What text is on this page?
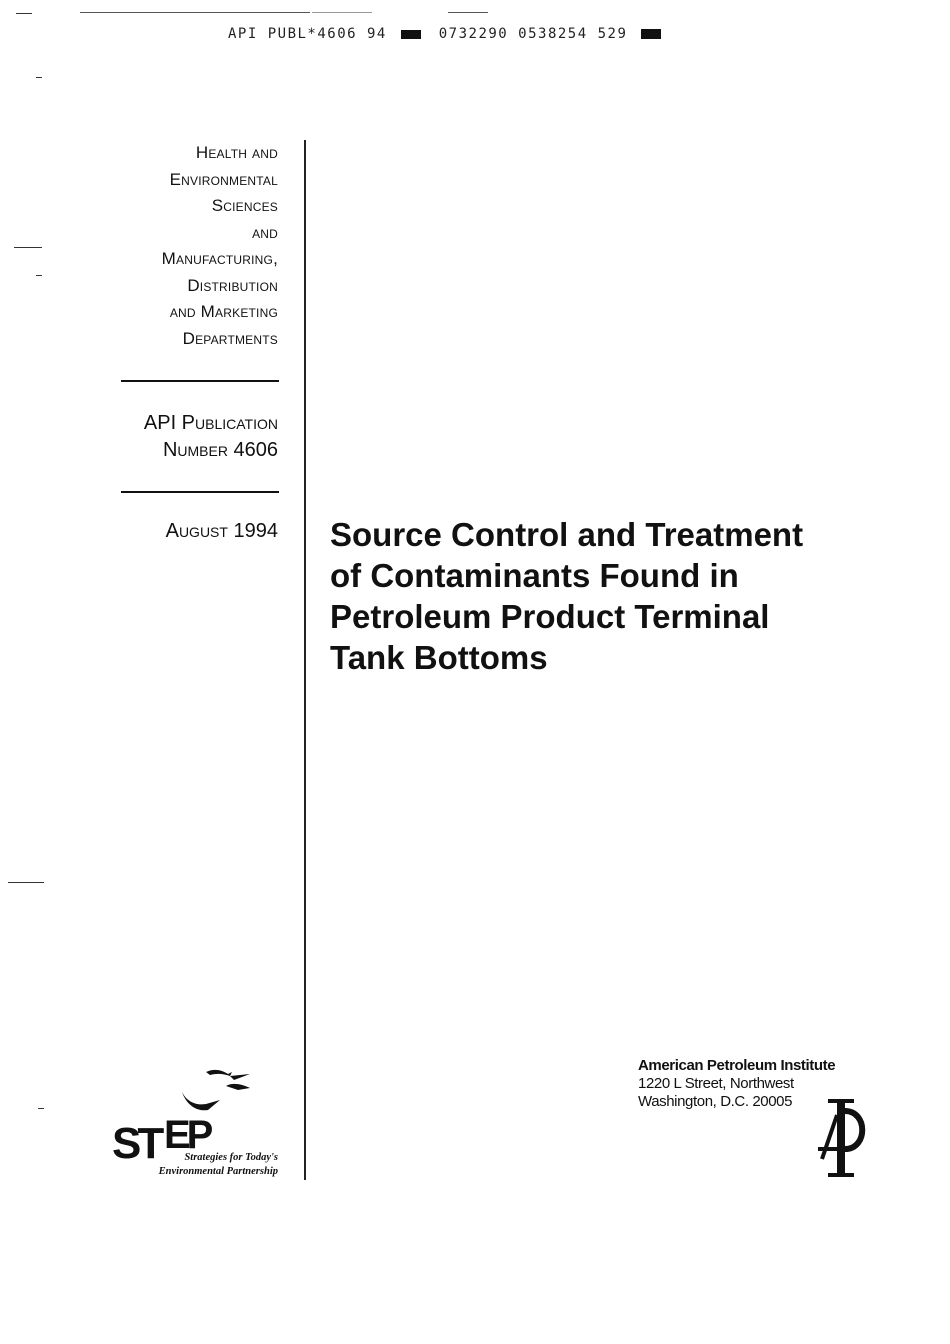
API PUBL*4606 94	0732290 0538254 529
Health and
Environmental
Sciences
and
Manufacturing,
Distribution
and Marketing
Departments
API Publication
Number 4606
August 1994 Source Control and Treatment
of Contaminants Found in
Petroleum Product Terminal
Tank Bottoms
American Petroleum Institute
1220 L Street, Northwest
Washington, D.C. 20005
ST EP
Strategies for Today's
Environmental Partnership
